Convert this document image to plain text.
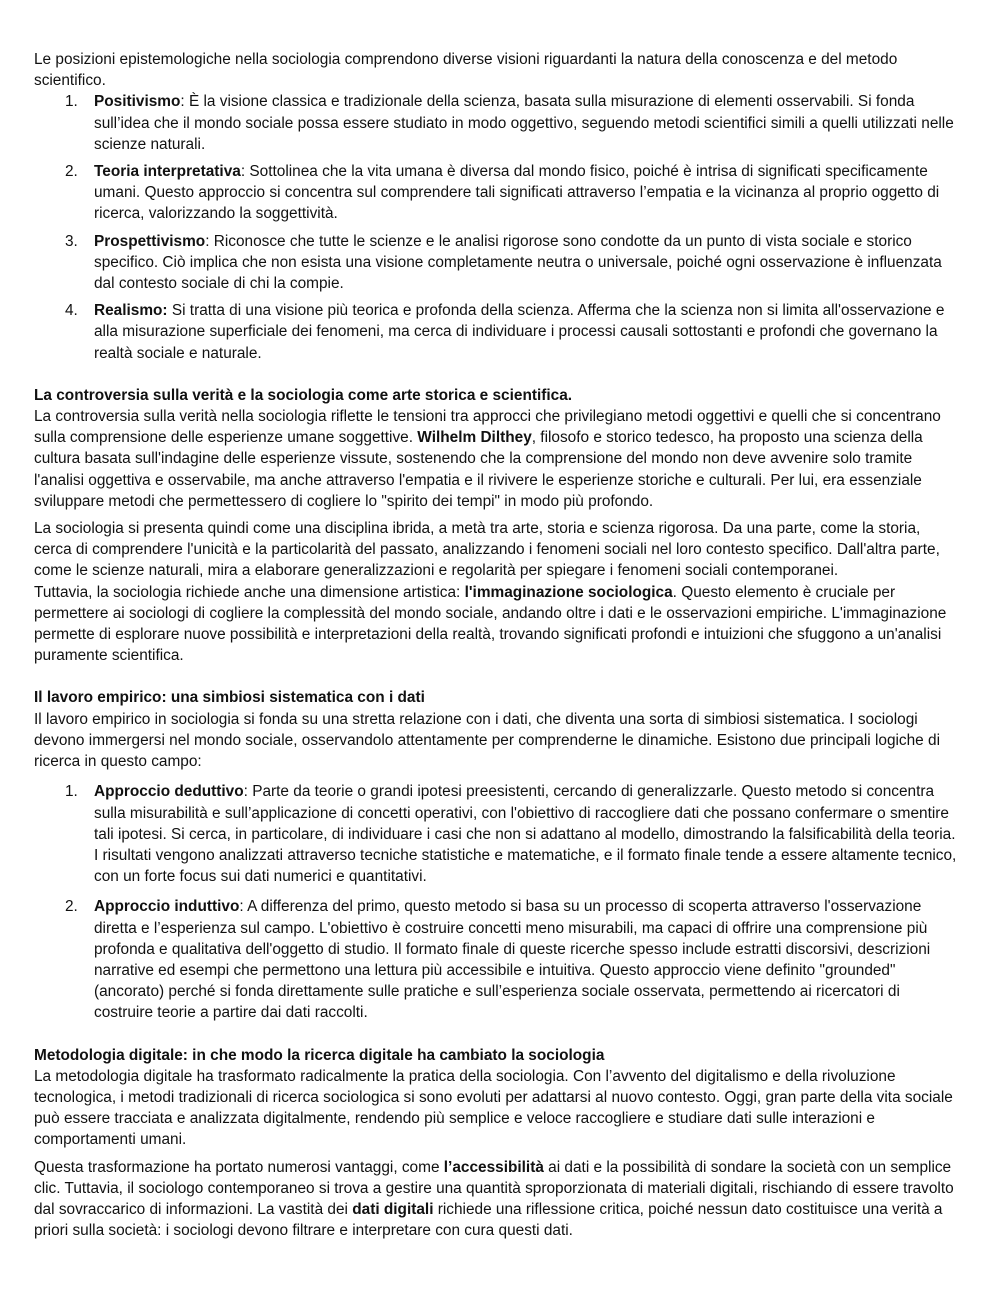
Le posizioni epistemologiche nella sociologia comprendono diverse visioni riguardanti la natura della conoscenza e del metodo scientifico.

1. Positivismo: È la visione classica e tradizionale della scienza, basata sulla misurazione di elementi osservabili. Si fonda sull’idea che il mondo sociale possa essere studiato in modo oggettivo, seguendo metodi scientifici simili a quelli utilizzati nelle scienze naturali.
2. Teoria interpretativa: Sottolinea che la vita umana è diversa dal mondo fisico, poiché è intrisa di significati specificamente umani. Questo approccio si concentra sul comprendere tali significati attraverso l’empatia e la vicinanza al proprio oggetto di ricerca, valorizzando la soggettività.
3. Prospettivismo: Riconosce che tutte le scienze e le analisi rigorose sono condotte da un punto di vista sociale e storico specifico. Ciò implica che non esista una visione completamente neutra o universale, poiché ogni osservazione è influenzata dal contesto sociale di chi la compie.
4. Realismo: Si tratta di una visione più teorica e profonda della scienza. Afferma che la scienza non si limita all'osservazione e alla misurazione superficiale dei fenomeni, ma cerca di individuare i processi causali sottostanti e profondi che governano la realtà sociale e naturale.

La controversia sulla verità e la sociologia come arte storica e scientifica.

La controversia sulla verità nella sociologia riflette le tensioni tra approcci che privilegiano metodi oggettivi e quelli che si concentrano sulla comprensione delle esperienze umane soggettive. Wilhelm Dilthey, filosofo e storico tedesco, ha proposto una scienza della cultura basata sull'indagine delle esperienze vissute, sostenendo che la comprensione del mondo non deve avvenire solo tramite l'analisi oggettiva e osservabile, ma anche attraverso l'empatia e il rivivere le esperienze storiche e culturali. Per lui, era essenziale sviluppare metodi che permettessero di cogliere lo "spirito dei tempi" in modo più profondo.

La sociologia si presenta quindi come una disciplina ibrida, a metà tra arte, storia e scienza rigorosa. Da una parte, come la storia, cerca di comprendere l'unicità e la particolarità del passato, analizzando i fenomeni sociali nel loro contesto specifico. Dall'altra parte, come le scienze naturali, mira a elaborare generalizzazioni e regolarità per spiegare i fenomeni sociali contemporanei.

Tuttavia, la sociologia richiede anche una dimensione artistica: l'immaginazione sociologica. Questo elemento è cruciale per permettere ai sociologi di cogliere la complessità del mondo sociale, andando oltre i dati e le osservazioni empiriche. L'immaginazione permette di esplorare nuove possibilità e interpretazioni della realtà, trovando significati profondi e intuizioni che sfuggono a un'analisi puramente scientifica.

Il lavoro empirico: una simbiosi sistematica con i dati

Il lavoro empirico in sociologia si fonda su una stretta relazione con i dati, che diventa una sorta di simbiosi sistematica. I sociologi devono immergersi nel mondo sociale, osservandolo attentamente per comprenderne le dinamiche. Esistono due principali logiche di ricerca in questo campo:

1. Approccio deduttivo: Parte da teorie o grandi ipotesi preesistenti, cercando di generalizzarle. Questo metodo si concentra sulla misurabilità e sull’applicazione di concetti operativi, con l'obiettivo di raccogliere dati che possano confermare o smentire tali ipotesi. Si cerca, in particolare, di individuare i casi che non si adattano al modello, dimostrando la falsificabilità della teoria. I risultati vengono analizzati attraverso tecniche statistiche e matematiche, e il formato finale tende a essere altamente tecnico, con un forte focus sui dati numerici e quantitativi.
2. Approccio induttivo: A differenza del primo, questo metodo si basa su un processo di scoperta attraverso l'osservazione diretta e l’esperienza sul campo. L'obiettivo è costruire concetti meno misurabili, ma capaci di offrire una comprensione più profonda e qualitativa dell'oggetto di studio. Il formato finale di queste ricerche spesso include estratti discorsivi, descrizioni narrative ed esempi che permettono una lettura più accessibile e intuitiva. Questo approccio viene definito "grounded" (ancorato) perché si fonda direttamente sulle pratiche e sull’esperienza sociale osservata, permettendo ai ricercatori di costruire teorie a partire dai dati raccolti.

Metodologia digitale: in che modo la ricerca digitale ha cambiato la sociologia

La metodologia digitale ha trasformato radicalmente la pratica della sociologia. Con l’avvento del digitalismo e della rivoluzione tecnologica, i metodi tradizionali di ricerca sociologica si sono evoluti per adattarsi al nuovo contesto. Oggi, gran parte della vita sociale può essere tracciata e analizzata digitalmente, rendendo più semplice e veloce raccogliere e studiare dati sulle interazioni e comportamenti umani.

Questa trasformazione ha portato numerosi vantaggi, come l’accessibilità ai dati e la possibilità di sondare la società con un semplice clic. Tuttavia, il sociologo contemporaneo si trova a gestire una quantità sproporzionata di materiali digitali, rischiando di essere travolto dal sovraccarico di informazioni. La vastità dei dati digitali richiede una riflessione critica, poiché nessun dato costituisce una verità a priori sulla società: i sociologi devono filtrare e interpretare con cura questi dati.
